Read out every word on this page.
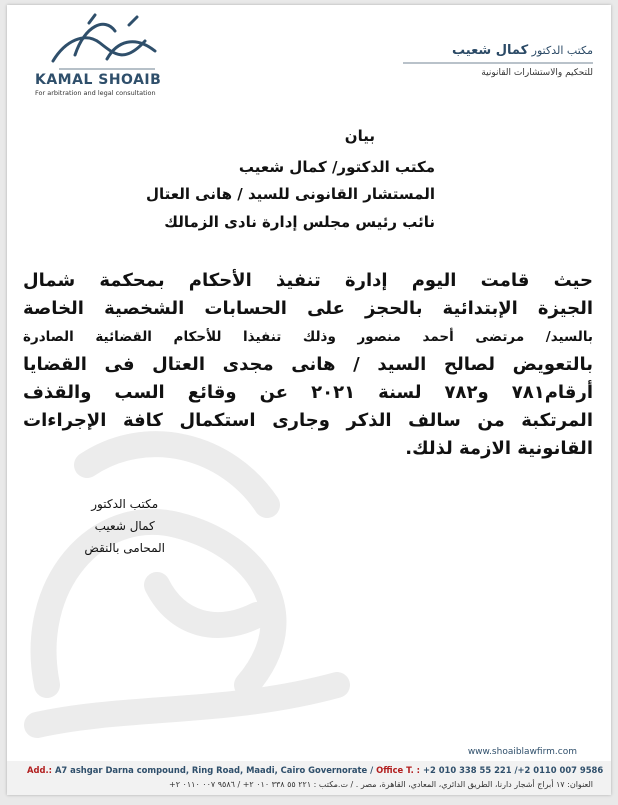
KAMAL SHOAIB
For arbitration and legal consultation
مكتب الدكتور كمال شعيب
للتحكيم والاستشارات القانونية
بيان
مكتب الدكتور/ كمال شعيب
المستشار القانونى للسيد / هانى العتال
نائب رئيس مجلس إدارة نادى الزمالك
حيث قامت اليوم إدارة تنفيذ الأحكام بمحكمة شمال
الجيزة الإبتدائية بالحجز على الحسابات الشخصية الخاصة
بالسيد/ مرتضى أحمد منصور وذلك تنفيذا للأحكام القضائية الصادرة
بالتعويض لصالح السيد / هانى مجدى العتال فى القضايا
أرقام٧٨١ و٧٨٢ لسنة ٢٠٢١ عن وقائع السب والقذف
المرتكبة من سالف الذكر وجارى استكمال كافة الإجراءات
القانونية الازمة لذلك.
مكتب الدكتور
كمال شعيب
المحامى بالنقض
www.shoaiblawfirm.com
Add.: A7 ashgar Darna compound, Ring Road, Maadi, Cairo Governorate / Office T. : +2 010 338 55 221 /+2 0110 007 9586
العنوان: ١٧ أبراج أشجار دارنا، الطريق الدائري، المعادي، القاهرة، مصر . / ت.مكتب : ٢٢١ ٥٥ ٣٣٨ ٠١٠ ٢+ / ٩٥٨٦ ٠٠٧ ٠١١٠ ٢+
